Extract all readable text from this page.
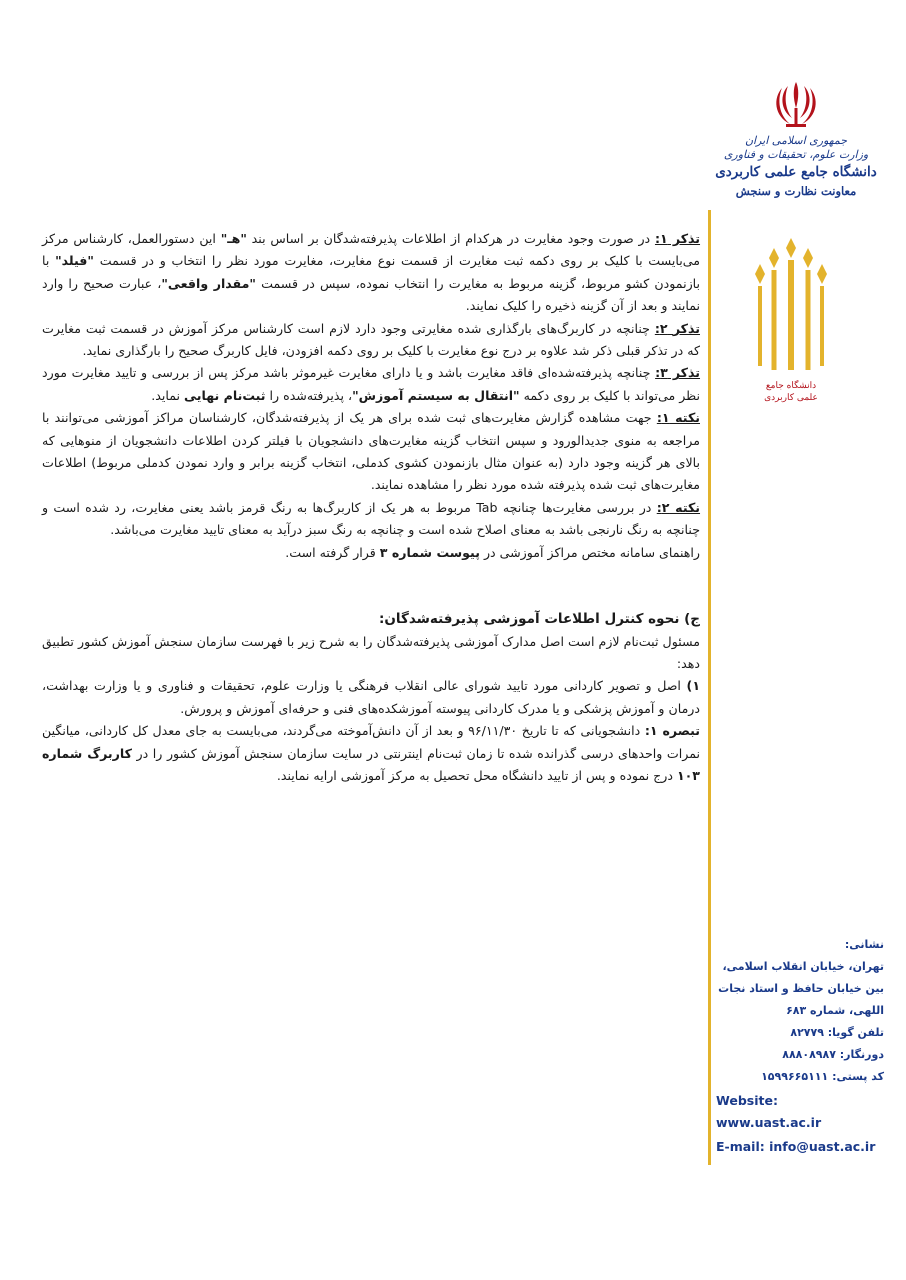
جمهوری اسلامی ایران
وزارت علوم، تحقیقات و فناوری
دانشگاه جامع علمی کاربردی
معاونت نظارت و سنجش
دانشگاه جامع
علمی کاربردی

تذکر ۱: در صورت وجود مغایرت در هرکدام از اطلاعات پذیرفته‌شدگان بر اساس بند "هـ" این دستورالعمل، کارشناس مرکز می‌بایست با کلیک بر روی دکمه ثبت مغایرت از قسمت نوع مغایرت، مغایرت مورد نظر را انتخاب و در قسمت "فیلد" با بازنمودن کشو مربوط، گزینه مربوط به مغایرت را انتخاب نموده، سپس در قسمت "مقدار واقعی"، عبارت صحیح را وارد نمایند و بعد از آن گزینه ذخیره را کلیک نمایند.

تذکر ۲: چنانچه در کاربرگ‌های بارگذاری شده مغایرتی وجود دارد لازم است کارشناس مرکز آموزش در قسمت ثبت مغایرت که در تذکر قبلی ذکر شد علاوه بر درج نوع مغایرت با کلیک بر روی دکمه افزودن، فایل کاربرگ صحیح را بارگذاری نماید.

تذکر ۳: چنانچه پذیرفته‌شده‌ای فاقد مغایرت باشد و یا دارای مغایرت غیرموثر باشد مرکز پس از بررسی و تایید مغایرت مورد نظر می‌تواند با کلیک بر روی دکمه "انتقال به سیستم آموزش"، پذیرفته‌شده را ثبت‌نام نهایی نماید.

نکته ۱: جهت مشاهده گزارش مغایرت‌های ثبت شده برای هر یک از پذیرفته‌شدگان، کارشناسان مراکز آموزشی می‌توانند با مراجعه به منوی جدیدالورود و سپس انتخاب گزینه مغایرت‌های دانشجویان با فیلتر کردن اطلاعات دانشجویان از منوهایی که بالای هر گزینه وجود دارد (به عنوان مثال بازنمودن کشوی کدملی، انتخاب گزینه برابر و وارد نمودن کدملی مربوط) اطلاعات مغایرت‌های ثبت شده پذیرفته شده مورد نظر را مشاهده نمایند.

نکته ۲: در بررسی مغایرت‌ها چنانچه Tab مربوط به هر یک از کاربرگ‌ها به رنگ قرمز باشد یعنی مغایرت، رد شده است و چنانچه به رنگ نارنجی باشد به معنای اصلاح شده است و چنانچه به رنگ سبز درآید به معنای تایید مغایرت می‌باشد.

راهنمای سامانه مختص مراکز آموزشی در پیوست شماره ۳ قرار گرفته است.

ج) نحوه کنترل اطلاعات آموزشی پذیرفته‌شدگان:

مسئول ثبت‌نام لازم است اصل مدارک آموزشی پذیرفته‌شدگان را به شرح زیر با فهرست سازمان سنجش آموزش کشور تطبیق دهد:

۱) اصل و تصویر کاردانی مورد تایید شورای عالی انقلاب فرهنگی یا وزارت علوم، تحقیقات و فناوری و یا وزارت بهداشت، درمان و آموزش پزشکی و یا مدرک کاردانی پیوسته آموزشکده‌های فنی و حرفه‌ای آموزش و پرورش.

تبصره ۱: دانشجویانی که تا تاریخ ۹۶/۱۱/۳۰ و بعد از آن دانش‌آموخته می‌گردند، می‌بایست به جای معدل کل کاردانی، میانگین نمرات واحدهای درسی گذرانده شده تا زمان ثبت‌نام اینترنتی در سایت سازمان سنجش آموزش کشور را در کاربرگ شماره ۱۰۳ درج نموده و پس از تایید دانشگاه محل تحصیل به مرکز آموزشی ارایه نمایند.

نشانی:
تهران، خیابان انقلاب اسلامی، بین خیابان حافظ و استاد نجات اللهی، شماره ۶۸۳
تلفن گویا: ۸۲۷۷۹
دورنگار: ۸۸۸۰۸۹۸۷
کد پستی: ۱۵۹۹۶۶۵۱۱۱
Website: www.uast.ac.ir
E-mail: info@uast.ac.ir
